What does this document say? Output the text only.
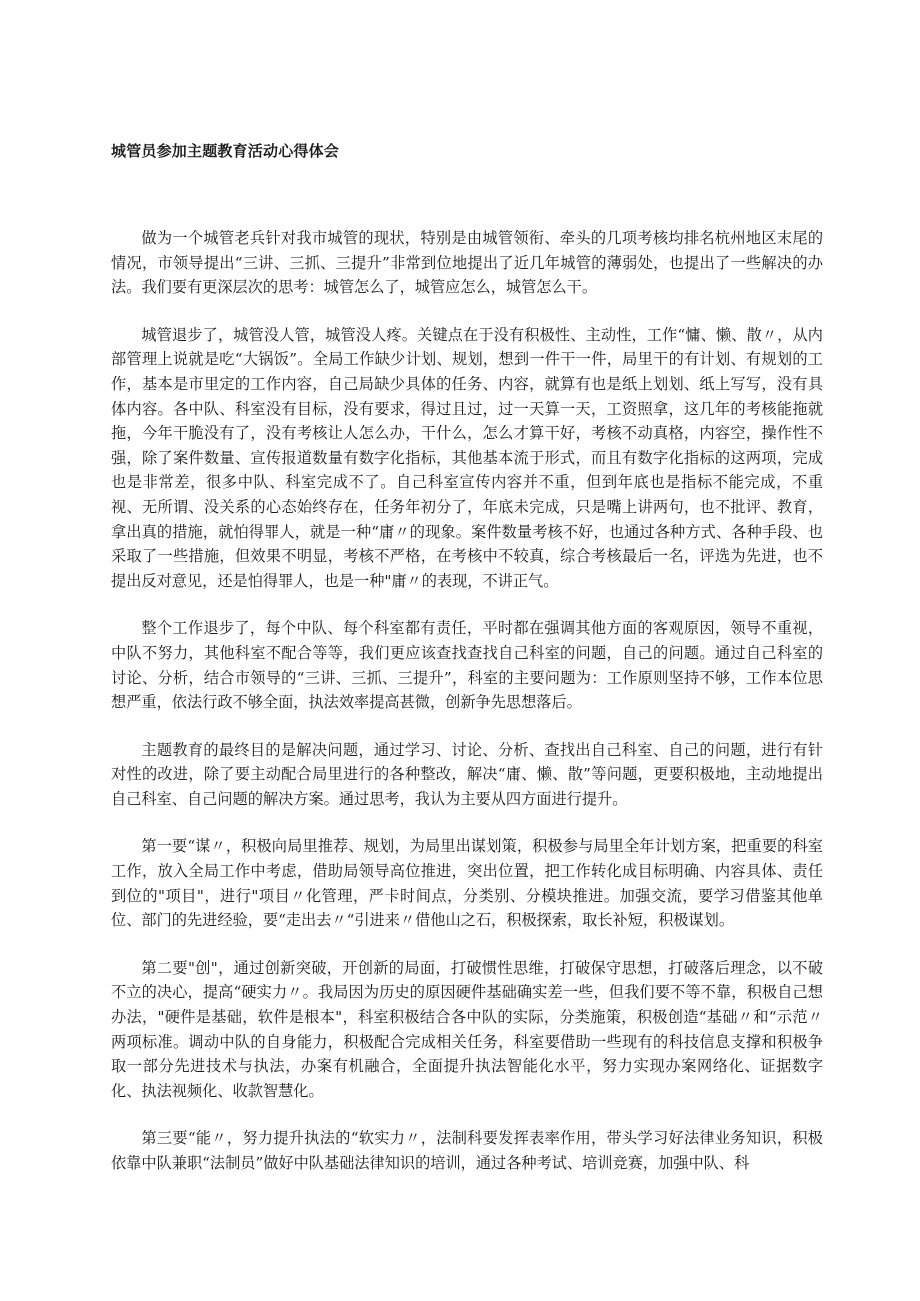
城管员参加主题教育活动心得体会

做为一个城管老兵针对我市城管的现状，特别是由城管领衔、牵头的几项考核均排名杭州地区末尾的情况，市领导提出“三讲、三抓、三提升”非常到位地提出了近几年城管的薄弱处，也提出了一些解决的办法。我们要有更深层次的思考：城管怎么了，城管应怎么，城管怎么干。

城管退步了，城管没人管，城管没人疼。关键点在于没有积极性、主动性，工作“慵、懒、散〃，从内部管理上说就是吃“大锅饭”。全局工作缺少计划、规划，想到一件干一件，局里干的有计划、有规划的工作，基本是市里定的工作内容，自己局缺少具体的任务、内容，就算有也是纸上划划、纸上写写，没有具体内容。各中队、科室没有目标，没有要求，得过且过，过一天算一天，工资照拿，这几年的考核能拖就拖，今年干脆没有了，没有考核让人怎么办，干什么，怎么才算干好，考核不动真格，内容空，操作性不强，除了案件数量、宣传报道数量有数字化指标，其他基本流于形式，而且有数字化指标的这两项，完成也是非常差，很多中队、科室完成不了。自己科室宣传内容并不重，但到年底也是指标不能完成，不重视、无所谓、没关系的心态始终存在，任务年初分了，年底未完成，只是嘴上讲两句，也不批评、教育，拿出真的措施，就怕得罪人，就是一种“庸〃的现象。案件数量考核不好，也通过各种方式、各种手段、也采取了一些措施，但效果不明显，考核不严格，在考核中不较真，综合考核最后一名，评选为先进，也不提出反对意见，还是怕得罪人，也是一种"庸〃的表现，不讲正气。

整个工作退步了，每个中队、每个科室都有责任，平时都在强调其他方面的客观原因，领导不重视，中队不努力，其他科室不配合等等，我们更应该查找查找自己科室的问题，自己的问题。通过自己科室的讨论、分析，结合市领导的“三讲、三抓、三提升”，科室的主要问题为：工作原则坚持不够，工作本位思想严重，依法行政不够全面，执法效率提高甚微，创新争先思想落后。

主题教育的最终目的是解决问题，通过学习、讨论、分析、查找出自己科室、自己的问题，进行有针对性的改进，除了要主动配合局里进行的各种整改，解决“庸、懒、散”等问题，更要积极地，主动地提出自己科室、自己问题的解决方案。通过思考，我认为主要从四方面进行提升。

第一要“谋〃，积极向局里推荐、规划，为局里出谋划策，积极参与局里全年计划方案，把重要的科室工作，放入全局工作中考虑，借助局领导高位推进，突出位置，把工作转化成目标明确、内容具体、责任到位的"项目"，进行"项目〃化管理，严卡时间点，分类别、分模块推进。加强交流，要学习借鉴其他单位、部门的先进经验，要“走出去〃“引进来〃借他山之石，积极探索，取长补短，积极谋划。

第二要"创"，通过创新突破，开创新的局面，打破惯性思维，打破保守思想，打破落后理念，以不破不立的决心，提高“硬实力〃。我局因为历史的原因硬件基础确实差一些，但我们要不等不靠，积极自己想办法，"硬件是基础，软件是根本"，科室积极结合各中队的实际，分类施策，积极创造“基础〃和“示范〃两项标准。调动中队的自身能力，积极配合完成相关任务，科室要借助一些现有的科技信息支撑和积极争取一部分先进技术与执法，办案有机融合，全面提升执法智能化水平，努力实现办案网络化、证据数字化、执法视频化、收款智慧化。

第三要“能〃，努力提升执法的“软实力〃，法制科要发挥表率作用，带头学习好法律业务知识，积极依靠中队兼职“法制员”做好中队基础法律知识的培训，通过各种考试、培训竞赛，加强中队、科
